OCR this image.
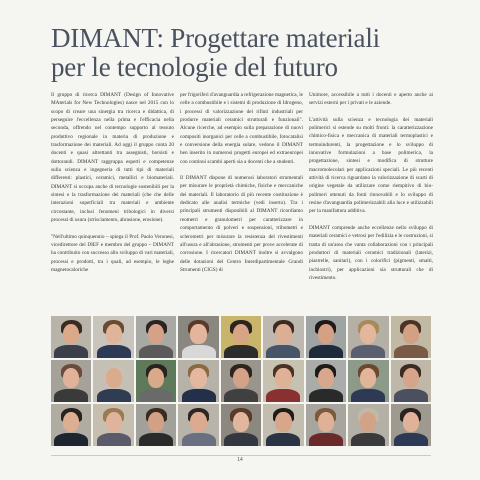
DIMANT: Progettare materiali
per le tecnologie del futuro

Il gruppo di ricerca DIMANT (Design of Innovative MAterials for New Technologies) nasce nel 2015 con lo scopo di creare una sinergia tra ricerca e didattica, di perseguire l'eccellenza nella prima e l'efficacia nella seconda, offrendo nel contempo supporto al tessuto produttivo regionale in materia di produzione e trasformazione dei materiali. Ad oggi il gruppo conta 20 docenti e quasi altrettanti tra assegnisti, borsisti e dottorandi. DIMANT raggruppa esperti e competenze sulla scienza e ingegneria di tutti tipi di materiali differenti: plastici, ceramici, metallici e biomateriali. DIMANT si occupa anche di tecnologie sostenibili per la sintesi e la trasformazione dei materiali (che che delle interazioni superficiali tra materiali e ambiente circostante, inclusi fenomeni tribologici in diversi processi di usura (strisciamento, abrasione, erosione).

"Nell'ultimo quinquennio – spiega il Prof. Paolo Veronesi, vicedirettore del DIEF e membro del gruppo – DIMANT ha contribuito con successo allo sviluppo di vari materiali, processi e prodotti, tra i quali, ad esempio, le leghe magnetocaloriche

per frigoriferi d'avanguardia a refrigerazione magnetica, le celle a combustibile e i sistemi di produzione di Idrogeno, i processi di valorizzazione dei rifiuti industriali per produrre materiali ceramici strutturali e funzionali". Alcune ricerche, ad esempio sulla preparazione di nuovi compositi inorganici per celle a combustibile, fotocatalisi e conversione della energia solare, vedono il DIMANT ben inserito in numerosi progetti europei ed extraeuropei con continui scambi aperti sia a docenti che a studenti.

Il DIMANT dispone di numerosi laboratori strumentali per misurare le proprietà chimiche, fisiche e meccaniche dei materiali. Il laboratorio di più recente costituzione è dedicato alle analisi termiche (vedi inserto). Tra i principali strumenti disponibili al DIMANT ricordiamo reometri e granulometri per caratterizzare in comportamento di polveri e sospensioni, tribometri e sclerometri per misurare la resistenza del rivestimenti all'usura e all'abrasione, strumenti per prove accelerate di corrosione. I ricercatori DIMANT inoltre si avvalgono delle dotazioni del Centro Interdipartimentale Grandi Strumenti (CIGS) di

Unimore, accessibile a tutti i docenti e aperto anche ai servizi esterni per i privati e le aziende.

L'attività sulla scienza e tecnologia dei materiali polimerici si estende su molti fronti: la caratterizzazione chimico-fisica e meccanica di materiali termoplastici e termoindurenti, la progettazione e lo sviluppo di innovative formulazioni a base polimerica, la progettazione, sintesi e modifica di strutture macromolecolari per applicazioni speciali. Le più recenti attività di ricerca riguardano la valorizzazione di scarti di origine vegetale da utilizzare come riempitivo di bio-polimeri ottenuti da fonti rinnovabili e lo sviluppo di resine d'avanguardia polimerizzabili alla luce e utilizzabili per la manifattura additiva.

DIMANT comprende anche eccellenze nello sviluppo di materiali ceramici e vetrosi per l'edilizia e le costruzioni, si tratta di un'area che vanta collaborazioni con i principali produttori di materiali ceramici tradizionali (laterizi, piastrelle, sanitari), con i colorifici (pigmenti, smalti, inchiostri), per applicazioni sia strutturali che di rivestimento.

14
